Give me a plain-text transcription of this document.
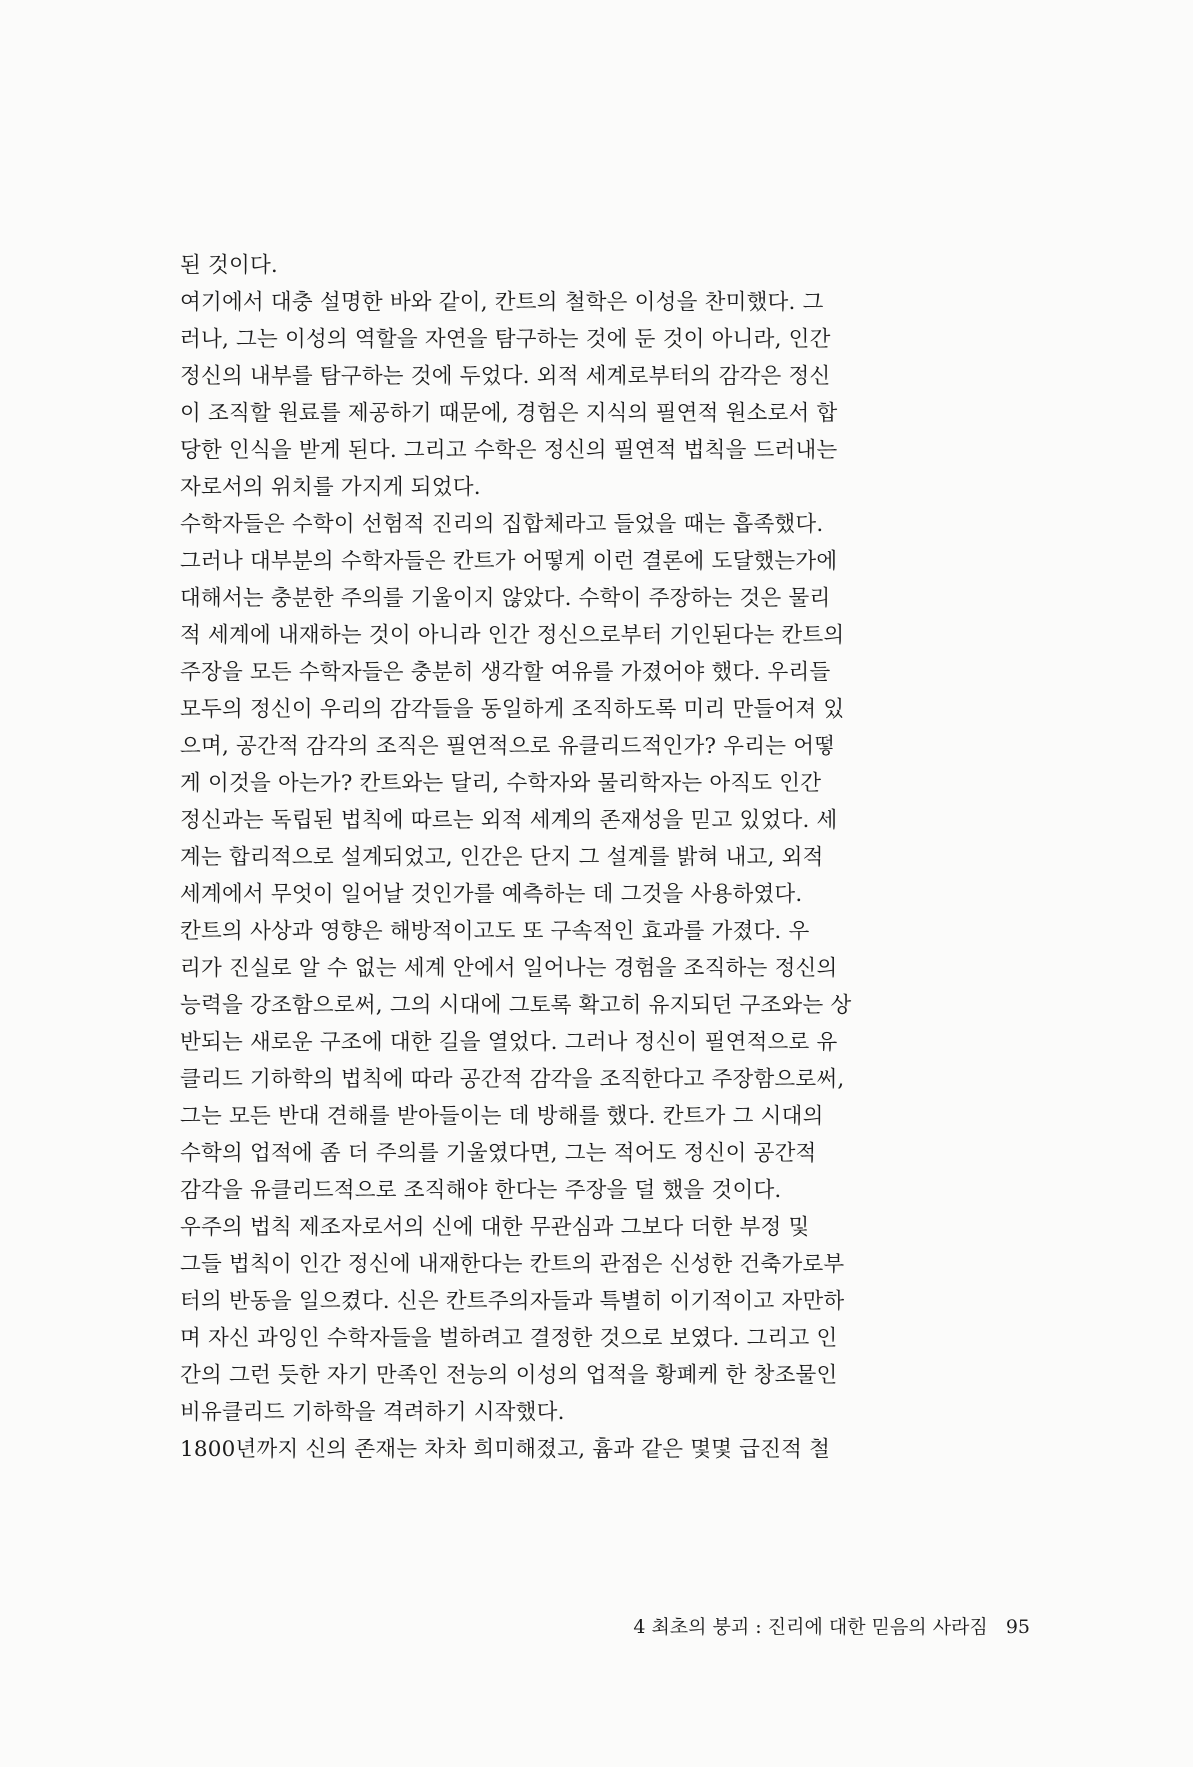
된 것이다.
여기에서 대충 설명한 바와 같이, 칸트의 철학은 이성을 찬미했다. 그
러나, 그는 이성의 역할을 자연을 탐구하는 것에 둔 것이 아니라, 인간
정신의 내부를 탐구하는 것에 두었다. 외적 세계로부터의 감각은 정신
이 조직할 원료를 제공하기 때문에, 경험은 지식의 필연적 원소로서 합
당한 인식을 받게 된다. 그리고 수학은 정신의 필연적 법칙을 드러내는
자로서의 위치를 가지게 되었다.
수학자들은 수학이 선험적 진리의 집합체라고 들었을 때는 흡족했다.
그러나 대부분의 수학자들은 칸트가 어떻게 이런 결론에 도달했는가에
대해서는 충분한 주의를 기울이지 않았다. 수학이 주장하는 것은 물리
적 세계에 내재하는 것이 아니라 인간 정신으로부터 기인된다는 칸트의
주장을 모든 수학자들은 충분히 생각할 여유를 가졌어야 했다. 우리들
모두의 정신이 우리의 감각들을 동일하게 조직하도록 미리 만들어져 있
으며, 공간적 감각의 조직은 필연적으로 유클리드적인가? 우리는 어떻
게 이것을 아는가? 칸트와는 달리, 수학자와 물리학자는 아직도 인간
정신과는 독립된 법칙에 따르는 외적 세계의 존재성을 믿고 있었다. 세
계는 합리적으로 설계되었고, 인간은 단지 그 설계를 밝혀 내고, 외적
세계에서 무엇이 일어날 것인가를 예측하는 데 그것을 사용하였다.
칸트의 사상과 영향은 해방적이고도 또 구속적인 효과를 가졌다. 우
리가 진실로 알 수 없는 세계 안에서 일어나는 경험을 조직하는 정신의
능력을 강조함으로써, 그의 시대에 그토록 확고히 유지되던 구조와는 상
반되는 새로운 구조에 대한 길을 열었다. 그러나 정신이 필연적으로 유
클리드 기하학의 법칙에 따라 공간적 감각을 조직한다고 주장함으로써,
그는 모든 반대 견해를 받아들이는 데 방해를 했다. 칸트가 그 시대의
수학의 업적에 좀 더 주의를 기울였다면, 그는 적어도 정신이 공간적
감각을 유클리드적으로 조직해야 한다는 주장을 덜 했을 것이다.
우주의 법칙 제조자로서의 신에 대한 무관심과 그보다 더한 부정 및
그들 법칙이 인간 정신에 내재한다는 칸트의 관점은 신성한 건축가로부
터의 반동을 일으켰다. 신은 칸트주의자들과 특별히 이기적이고 자만하
며 자신 과잉인 수학자들을 벌하려고 결정한 것으로 보였다. 그리고 인
간의 그런 듯한 자기 만족인 전능의 이성의 업적을 황폐케 한 창조물인
비유클리드 기하학을 격려하기 시작했다.
1800년까지 신의 존재는 차차 희미해졌고, 흄과 같은 몇몇 급진적 철
4 최초의 붕괴 : 진리에 대한 믿음의 사라짐 95
